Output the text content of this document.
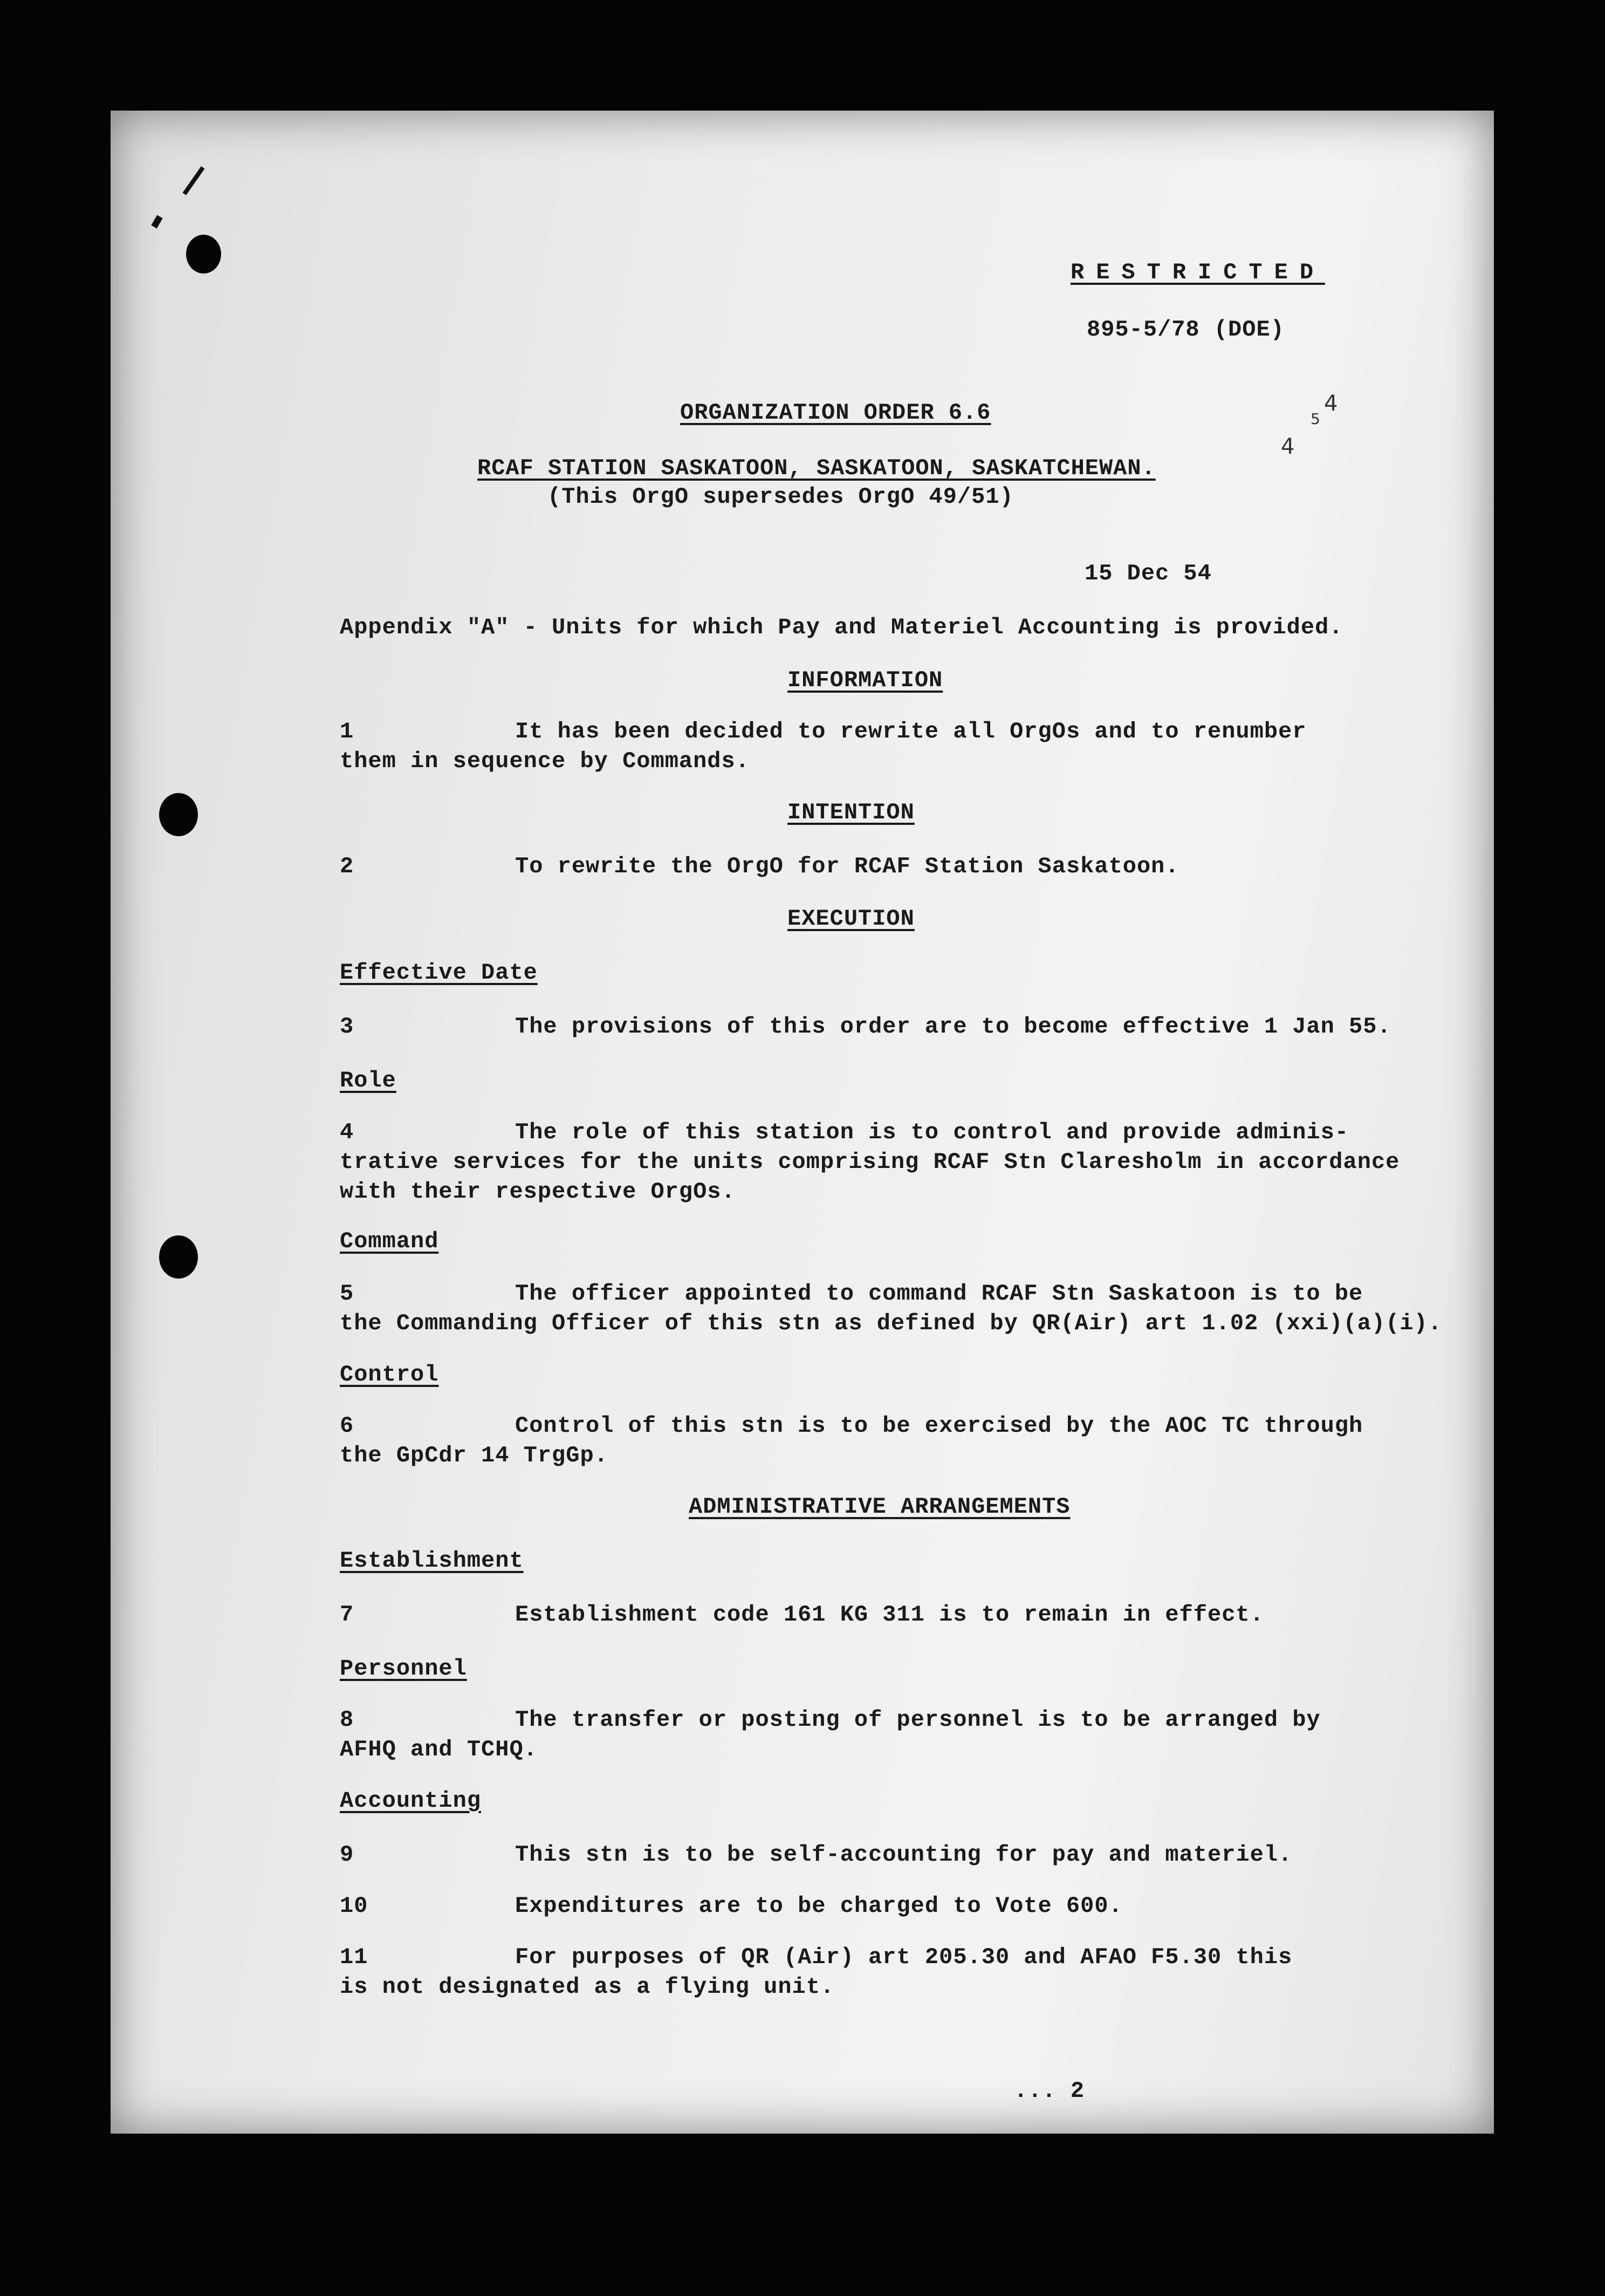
RESTRICTED
895-5/78 (DOE)
ORGANIZATION ORDER 6.6
RCAF STATION SASKATOON, SASKATOON, SASKATCHEWAN.
(This OrgO supersedes OrgO 49/51)
4
4
5
15 Dec 54
Appendix "A" - Units for which Pay and Materiel Accounting is provided.
INFORMATION
1	It has been decided to rewrite all OrgOs and to renumber
them in sequence by Commands.
INTENTION
2	To rewrite the OrgO for RCAF Station Saskatoon.
EXECUTION
Effective Date
3	The provisions of this order are to become effective 1 Jan 55.
Role
4	The role of this station is to control and provide adminis-
trative services for the units comprising RCAF Stn Claresholm in accordance
with their respective OrgOs.
Command
5	The officer appointed to command RCAF Stn Saskatoon is to be
the Commanding Officer of this stn as defined by QR(Air) art 1.02 (xxi)(a)(i).
Control
6	Control of this stn is to be exercised by the AOC TC through
the GpCdr 14 TrgGp.
ADMINISTRATIVE ARRANGEMENTS
Establishment
7	Establishment code 161 KG 311 is to remain in effect.
Personnel
8	The transfer or posting of personnel is to be arranged by
AFHQ and TCHQ.
Accounting
9	This stn is to be self-accounting for pay and materiel.
10	Expenditures are to be charged to Vote 600.
11	For purposes of QR (Air) art 205.30 and AFAO F5.30 this
is not designated as a flying unit.
... 2
